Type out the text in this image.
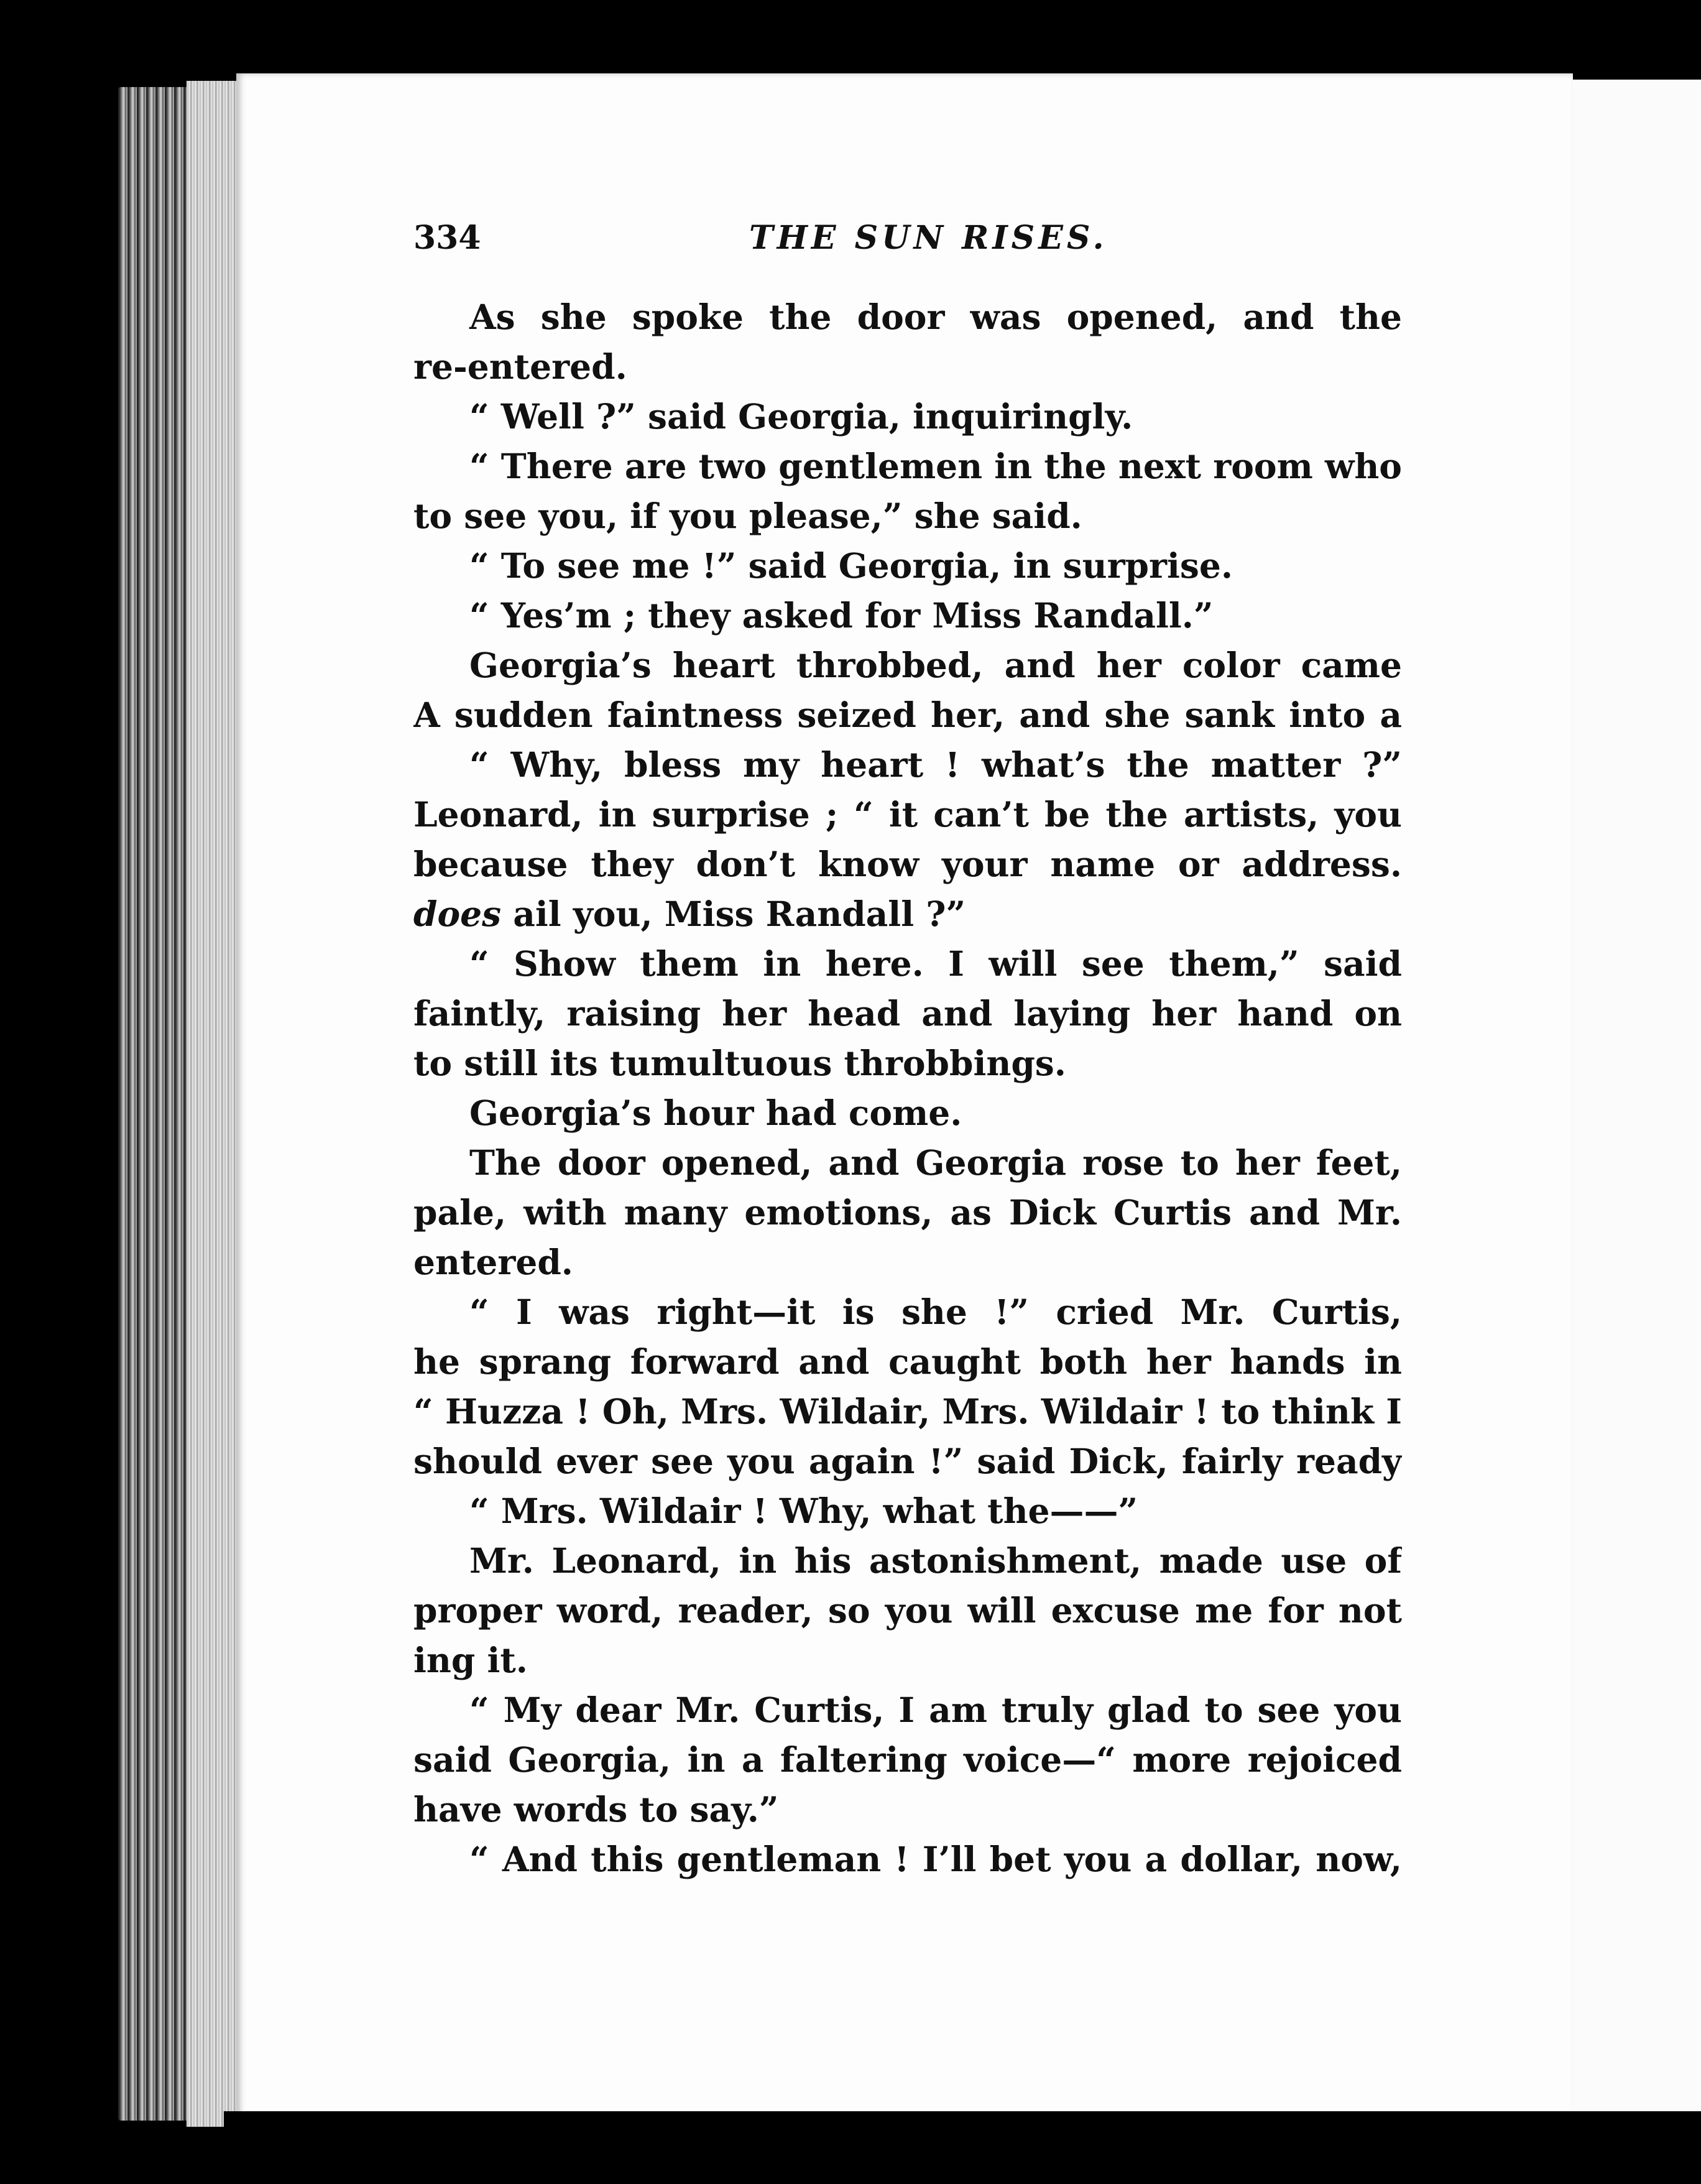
334	THE SUN RISES.
As she spoke the door was opened, and the
re-entered.
“ Well ?” said Georgia, inquiringly.
“ There are two gentlemen in the next room who
to see you, if you please,” she said.
“ To see me !” said Georgia, in surprise.
“ Yes’m ; they asked for Miss Randall.”
Georgia’s heart throbbed, and her color came
A sudden faintness seized her, and she sank into a
“ Why, bless my heart ! what’s the matter ?”
Leonard, in surprise ; “ it can’t be the artists, you
because they don’t know your name or address.
does ail you, Miss Randall ?”
“ Show them in here. I will see them,” said
faintly, raising her head and laying her hand on
to still its tumultuous throbbings.
Georgia’s hour had come.
The door opened, and Georgia rose to her feet,
pale, with many emotions, as Dick Curtis and Mr.
entered.
“ I was right—it is she !” cried Mr. Curtis,
he sprang forward and caught both her hands in
“ Huzza ! Oh, Mrs. Wildair, Mrs. Wildair ! to think I
should ever see you again !” said Dick, fairly ready
“ Mrs. Wildair ! Why, what the——”
Mr. Leonard, in his astonishment, made use of
proper word, reader, so you will excuse me for not
ing it.
“ My dear Mr. Curtis, I am truly glad to see you
said Georgia, in a faltering voice—“ more rejoiced
have words to say.”
“ And this gentleman ! I’ll bet you a dollar, now,
